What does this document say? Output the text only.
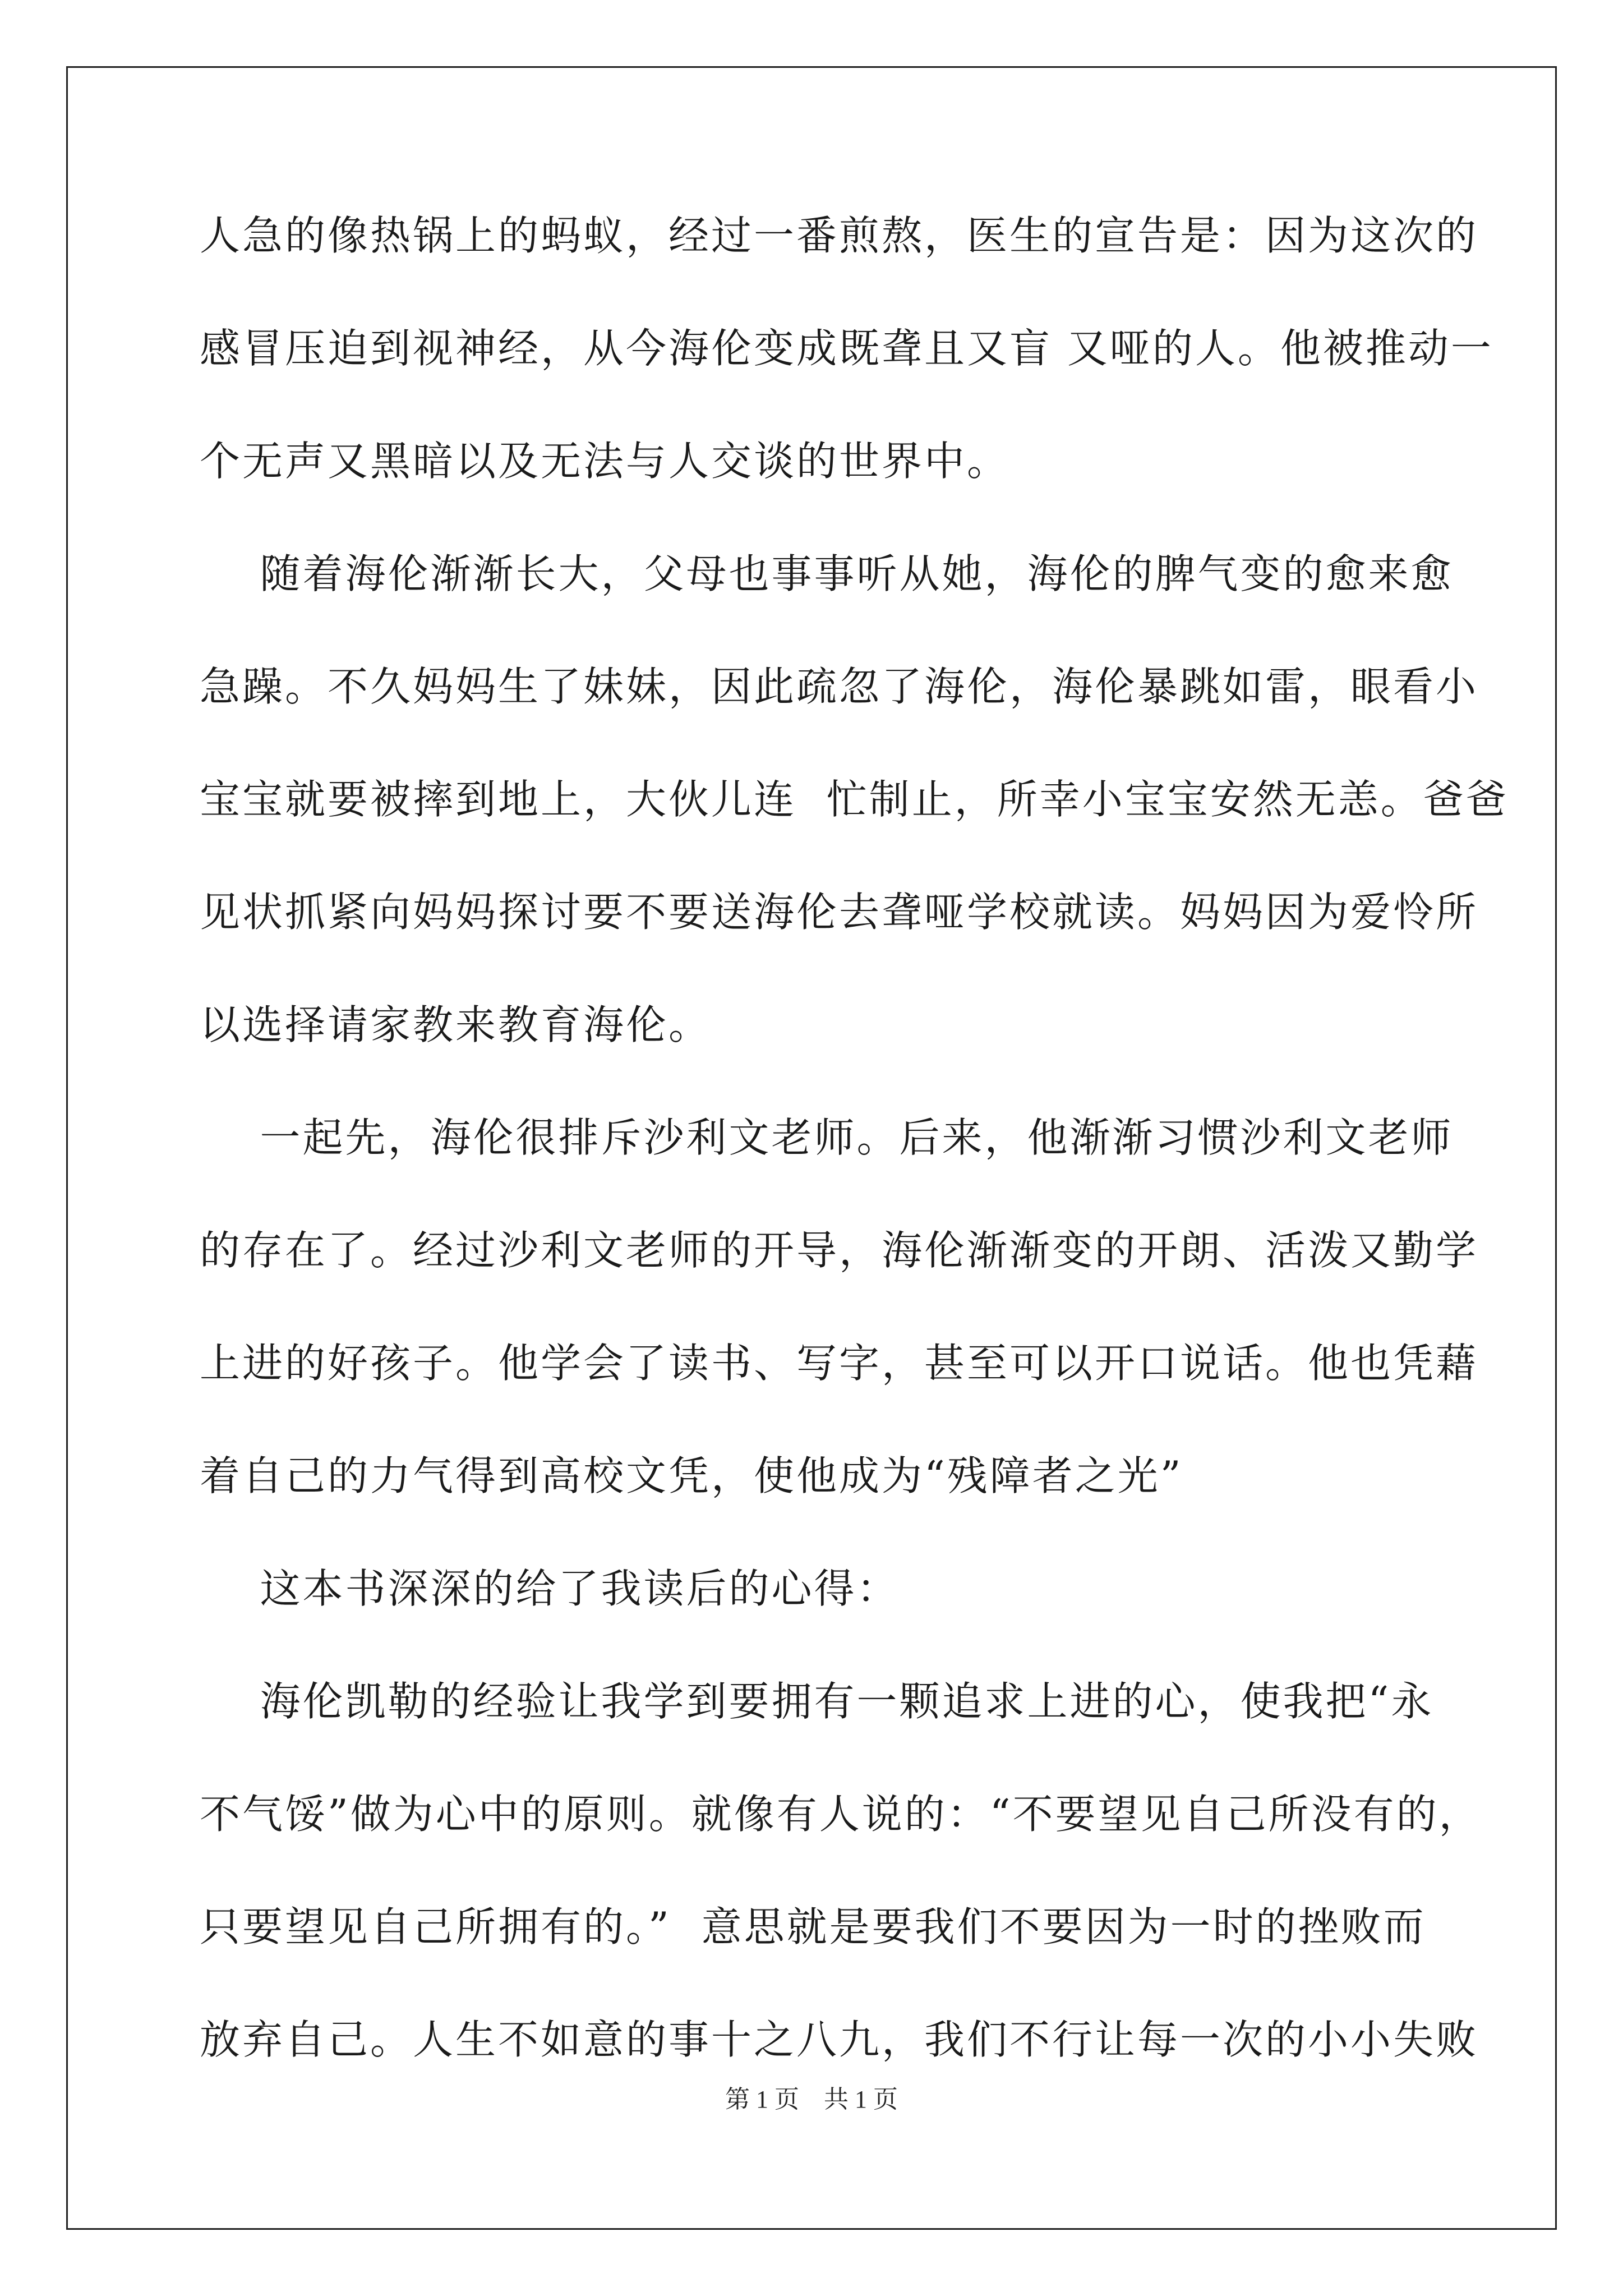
人急的像热锅上的蚂蚁，经过一番煎熬，医生的宣告是：因为这次的
感冒压迫到视神经，从今海伦变成既聋且又盲 又哑的人。他被推动一
个无声又黑暗以及无法与人交谈的世界中。
随着海伦渐渐长大，父母也事事听从她，海伦的脾气变的愈来愈
急躁。不久妈妈生了妹妹，因此疏忽了海伦，海伦暴跳如雷，眼看小
宝宝就要被摔到地上，大伙儿连  忙制止，所幸小宝宝安然无恙。爸爸
见状抓紧向妈妈探讨要不要送海伦去聋哑学校就读。妈妈因为爱怜所
以选择请家教来教育海伦。
一起先，海伦很排斥沙利文老师。后来，他渐渐习惯沙利文老师
的存在了。经过沙利文老师的开导，海伦渐渐变的开朗、活泼又勤学
上进的好孩子。他学会了读书、写字，甚至可以开口说话。他也凭藉
着自己的力气得到高校文凭，使他成为“残障者之光”
这本书深深的给了我读后的心得：
海伦凯勒的经验让我学到要拥有一颗追求上进的心，使我把“永
不气馁”做为心中的原则。就像有人说的：“不要望见自己所没有的，
只要望见自己所拥有的。”  意思就是要我们不要因为一时的挫败而
放弃自己。人生不如意的事十之八九，我们不行让每一次的小小失败
第 1 页    共 1 页
